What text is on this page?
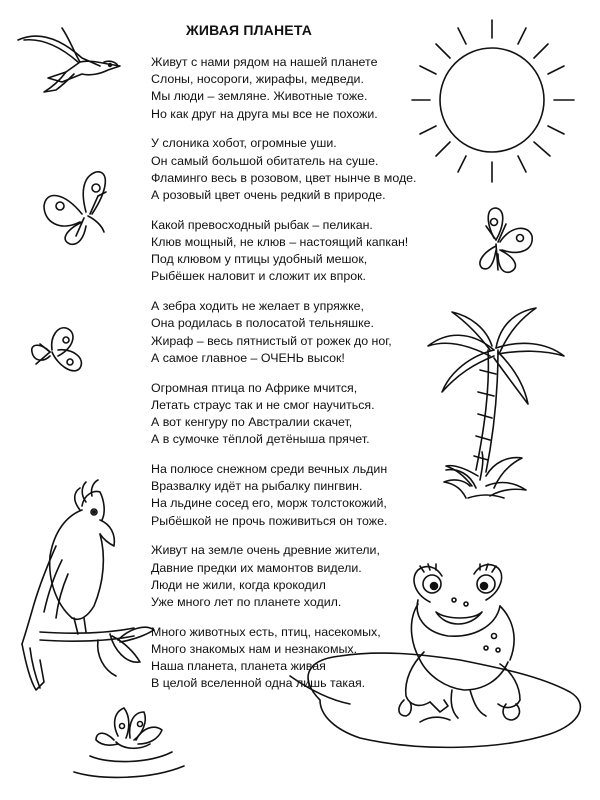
ЖИВАЯ ПЛАНЕТА
Живут с нами рядом на нашей планете
Слоны, носороги, жирафы, медведи.
Мы люди – земляне. Животные тоже.
Но как друг на друга мы все не похожи.
У слоника хобот, огромные уши.
Он самый большой обитатель на суше.
Фламинго весь в розовом, цвет нынче в моде.
А розовый цвет очень редкий в природе.
Какой превосходный рыбак – пеликан.
Клюв мощный, не клюв – настоящий капкан!
Под клювом у птицы удобный мешок,
Рыбёшек наловит и сложит их впрок.
А зебра ходить не желает в упряжке,
Она родилась в полосатой тельняшке.
Жираф – весь пятнистый от рожек до ног,
А самое главное – ОЧЕНЬ высок!
Огромная птица по Африке мчится,
Летать страус так и не смог научиться.
А вот кенгуру по Австралии скачет,
А в сумочке тёплой детёныша прячет.
На полюсе снежном среди вечных льдин
Вразвалку идёт на рыбалку пингвин.
На льдине сосед его, морж толстокожий,
Рыбёшкой не прочь поживиться он тоже.
Живут на земле очень древние жители,
Давние предки их мамонтов видели.
Люди не жили, когда крокодил
Уже много лет по планете ходил.
Много животных есть, птиц, насекомых,
Много знакомых нам и незнакомых.
Наша планета, планета живая
В целой вселенной одна лишь такая.
